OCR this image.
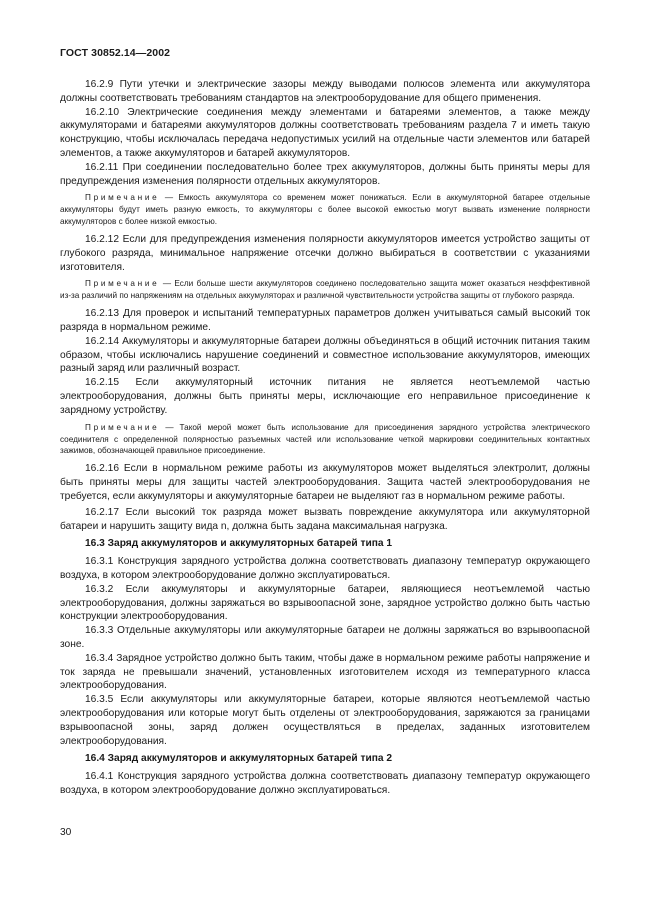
ГОСТ 30852.14—2002

16.2.9 Пути утечки и электрические зазоры между выводами полюсов элемента или аккумулятора должны соответствовать требованиям стандартов на электрооборудование для общего применения.

16.2.10 Электрические соединения между элементами и батареями элементов, а также между аккумуляторами и батареями аккумуляторов должны соответствовать требованиям раздела 7 и иметь такую конструкцию, чтобы исключалась передача недопустимых усилий на отдельные части элементов или батарей элементов, а также аккумуляторов и батарей аккумуляторов.

16.2.11 При соединении последовательно более трех аккумуляторов, должны быть приняты меры для предупреждения изменения полярности отдельных аккумуляторов.

Примечание — Емкость аккумулятора со временем может понижаться. Если в аккумуляторной батарее отдельные аккумуляторы будут иметь разную емкость, то аккумуляторы с более высокой емкостью могут вызвать изменение полярности аккумуляторов с более низкой емкостью.

16.2.12 Если для предупреждения изменения полярности аккумуляторов имеется устройство защиты от глубокого разряда, минимальное напряжение отсечки должно выбираться в соответствии с указаниями изготовителя.

Примечание — Если больше шести аккумуляторов соединено последовательно защита может оказаться неэффективной из-за различий по напряжениям на отдельных аккумуляторах и различной чувствительности устройства защиты от глубокого разряда.

16.2.13 Для проверок и испытаний температурных параметров должен учитываться самый высокий ток разряда в нормальном режиме.

16.2.14 Аккумуляторы и аккумуляторные батареи должны объединяться в общий источник питания таким образом, чтобы исключались нарушение соединений и совместное использование аккумуляторов, имеющих разный заряд или различный возраст.

16.2.15 Если аккумуляторный источник питания не является неотъемлемой частью электрооборудования, должны быть приняты меры, исключающие его неправильное присоединение к зарядному устройству.

Примечание — Такой мерой может быть использование для присоединения зарядного устройства электрического соединителя с определенной полярностью разъемных частей или использование четкой маркировки соединительных контактных зажимов, обозначающей правильное присоединение.

16.2.16 Если в нормальном режиме работы из аккумуляторов может выделяться электролит, должны быть приняты меры для защиты частей электрооборудования. Защита частей электрооборудования не требуется, если аккумуляторы и аккумуляторные батареи не выделяют газ в нормальном режиме работы.

16.2.17 Если высокий ток разряда может вызвать повреждение аккумулятора или аккумуляторной батареи и нарушить защиту вида n, должна быть задана максимальная нагрузка.

16.3 Заряд аккумуляторов и аккумуляторных батарей типа 1

16.3.1 Конструкция зарядного устройства должна соответствовать диапазону температур окружающего воздуха, в котором электрооборудование должно эксплуатироваться.

16.3.2 Если аккумуляторы и аккумуляторные батареи, являющиеся неотъемлемой частью электрооборудования, должны заряжаться во взрывоопасной зоне, зарядное устройство должно быть частью конструкции электрооборудования.

16.3.3 Отдельные аккумуляторы или аккумуляторные батареи не должны заряжаться во взрывоопасной зоне.

16.3.4 Зарядное устройство должно быть таким, чтобы даже в нормальном режиме работы напряжение и ток заряда не превышали значений, установленных изготовителем исходя из температурного класса электрооборудования.

16.3.5 Если аккумуляторы или аккумуляторные батареи, которые являются неотъемлемой частью электрооборудования или которые могут быть отделены от электрооборудования, заряжаются за границами взрывоопасной зоны, заряд должен осуществляться в пределах, заданных изготовителем электрооборудования.

16.4 Заряд аккумуляторов и аккумуляторных батарей типа 2

16.4.1 Конструкция зарядного устройства должна соответствовать диапазону температур окружающего воздуха, в котором электрооборудование должно эксплуатироваться.

30
